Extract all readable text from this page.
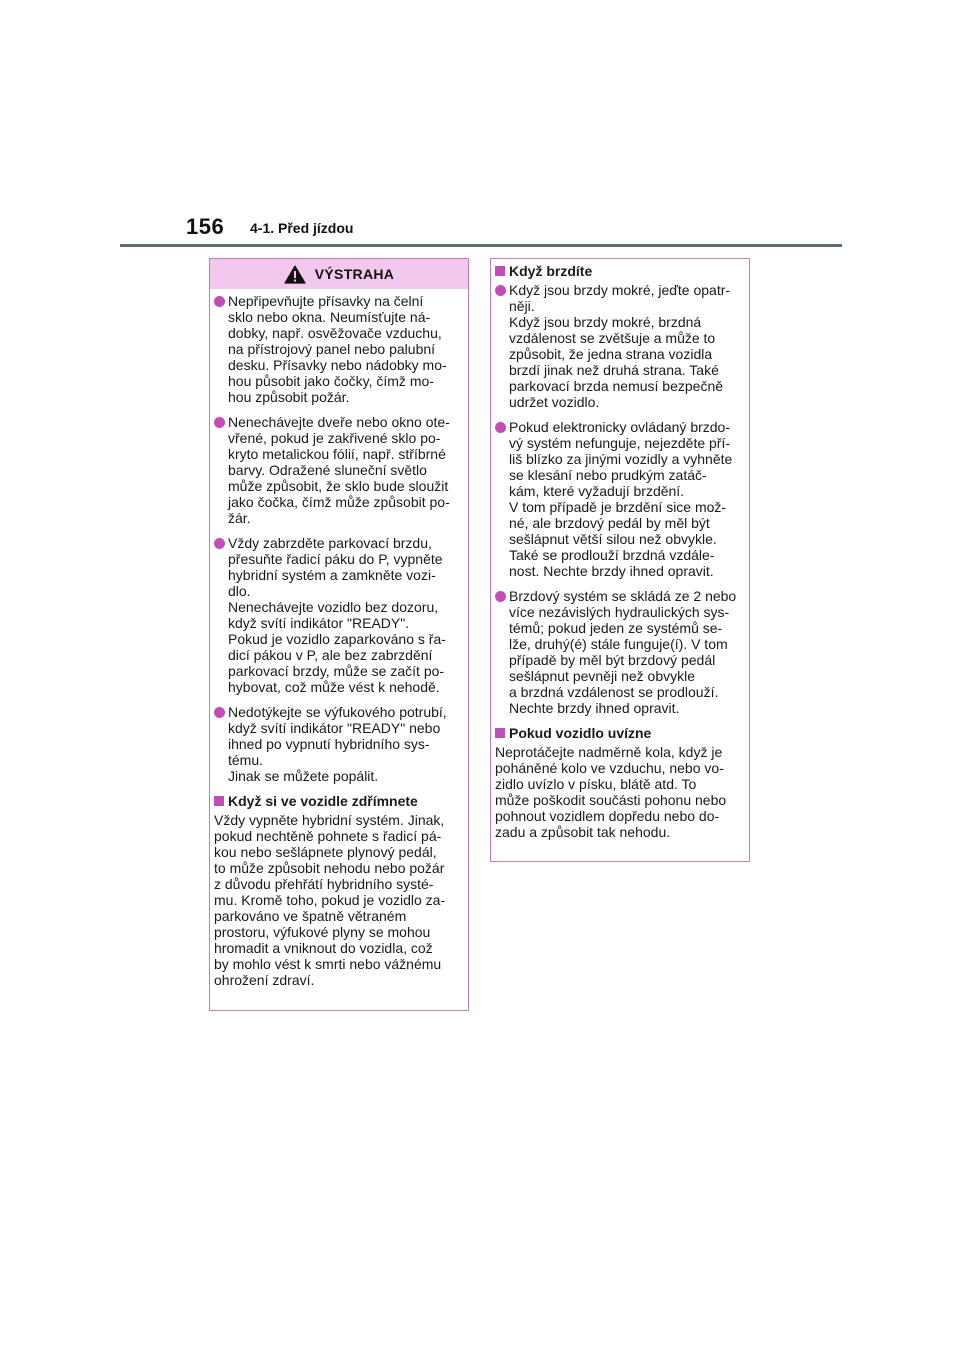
156 4-1. Před jízdou
VÝSTRAHA
Nepřipevňujte přísavky na čelní
sklo nebo okna. Neumísťujte ná-
dobky, např. osvěžovače vzduchu,
na přístrojový panel nebo palubní
desku. Přísavky nebo nádobky mo-
hou působit jako čočky, čímž mo-
hou způsobit požár.
Nenechávejte dveře nebo okno ote-
vřené, pokud je zakřivené sklo po-
kryto metalickou fólií, např. stříbrné
barvy. Odražené sluneční světlo
může způsobit, že sklo bude sloužit
jako čočka, čímž může způsobit po-
žár.
Vždy zabrzděte parkovací brzdu,
přesuňte řadicí páku do P, vypněte
hybridní systém a zamkněte vozi-
dlo.
Nenechávejte vozidlo bez dozoru,
když svítí indikátor "READY".
Pokud je vozidlo zaparkováno s řa-
dicí pákou v P, ale bez zabrzdění
parkovací brzdy, může se začít po-
hybovat, což může vést k nehodě.
Nedotýkejte se výfukového potrubí,
když svítí indikátor "READY" nebo
ihned po vypnutí hybridního sys-
tému.
Jinak se můžete popálit.
Když si ve vozidle zdřímnete
Vždy vypněte hybridní systém. Jinak,
pokud nechtěně pohnete s řadicí pá-
kou nebo sešlápnete plynový pedál,
to může způsobit nehodu nebo požár
z důvodu přehřátí hybridního systé-
mu. Kromě toho, pokud je vozidlo za-
parkováno ve špatně větraném
prostoru, výfukové plyny se mohou
hromadit a vniknout do vozidla, což
by mohlo vést k smrti nebo vážnému
ohrožení zdraví.
Když brzdíte
Když jsou brzdy mokré, jeďte opatr-
něji.
Když jsou brzdy mokré, brzdná
vzdálenost se zvětšuje a může to
způsobit, že jedna strana vozidla
brzdí jinak než druhá strana. Také
parkovací brzda nemusí bezpečně
udržet vozidlo.
Pokud elektronicky ovládaný brzdo-
vý systém nefunguje, nejezděte pří-
liš blízko za jinými vozidly a vyhněte
se klesání nebo prudkým zatáč-
kám, které vyžadují brzdění.
V tom případě je brzdění sice mož-
né, ale brzdový pedál by měl být
sešlápnut větší silou než obvykle.
Také se prodlouží brzdná vzdále-
nost. Nechte brzdy ihned opravit.
Brzdový systém se skládá ze 2 nebo
více nezávislých hydraulických sys-
témů; pokud jeden ze systémů se-
lže, druhý(é) stále funguje(í). V tom
případě by měl být brzdový pedál
sešlápnut pevněji než obvykle
a brzdná vzdálenost se prodlouží.
Nechte brzdy ihned opravit.
Pokud vozidlo uvízne
Neprotáčejte nadměrně kola, když je
poháněné kolo ve vzduchu, nebo vo-
zidlo uvízlo v písku, blátě atd. To
může poškodit součásti pohonu nebo
pohnout vozidlem dopředu nebo do-
zadu a způsobit tak nehodu.
